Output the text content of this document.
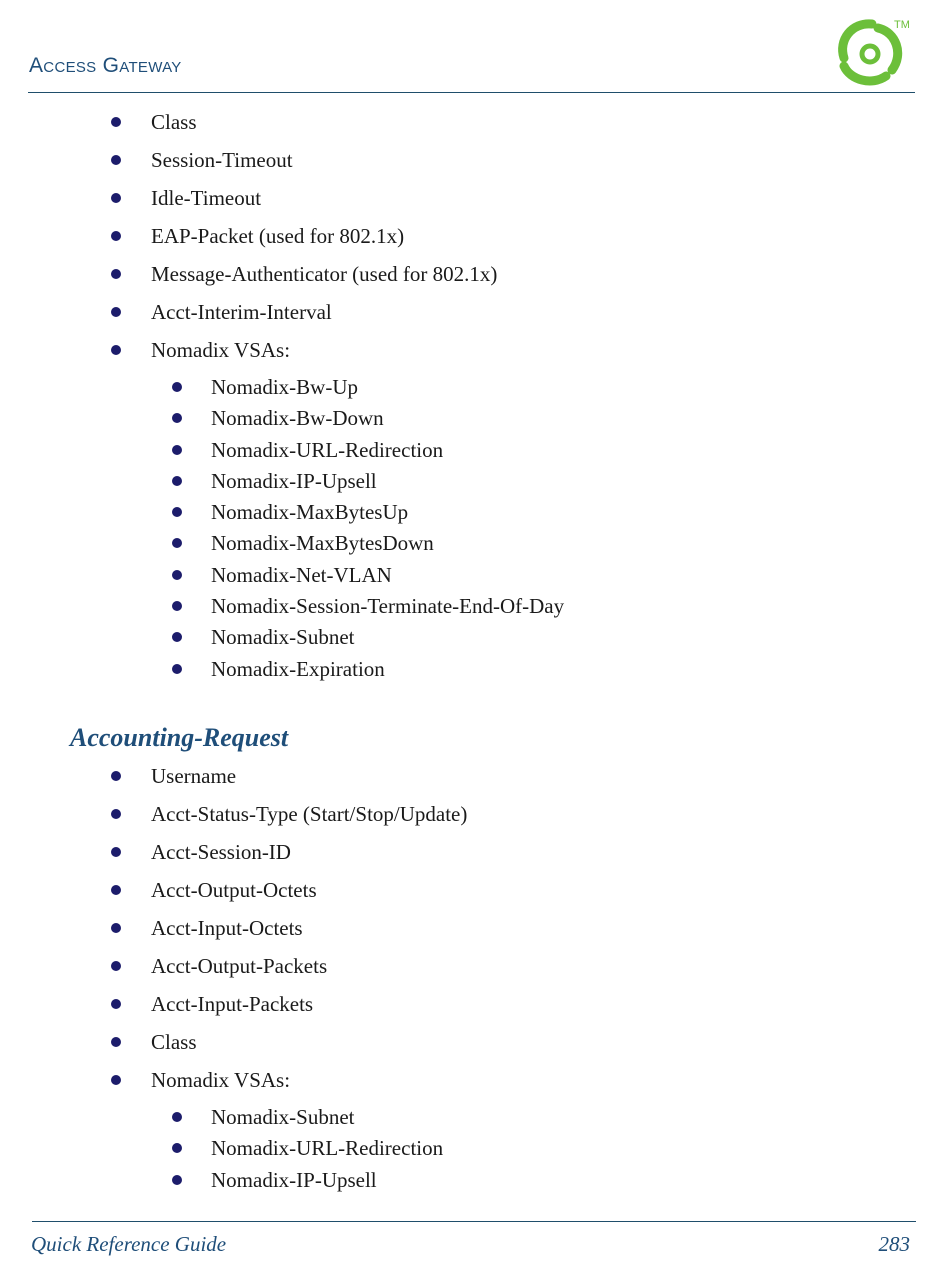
Access Gateway
TM
Class
Session-Timeout
Idle-Timeout
EAP-Packet (used for 802.1x)
Message-Authenticator (used for 802.1x)
Acct-Interim-Interval
Nomadix VSAs:
Nomadix-Bw-Up
Nomadix-Bw-Down
Nomadix-URL-Redirection
Nomadix-IP-Upsell
Nomadix-MaxBytesUp
Nomadix-MaxBytesDown
Nomadix-Net-VLAN
Nomadix-Session-Terminate-End-Of-Day
Nomadix-Subnet
Nomadix-Expiration
Accounting-Request
Username
Acct-Status-Type (Start/Stop/Update)
Acct-Session-ID
Acct-Output-Octets
Acct-Input-Octets
Acct-Output-Packets
Acct-Input-Packets
Class
Nomadix VSAs:
Nomadix-Subnet
Nomadix-URL-Redirection
Nomadix-IP-Upsell
Quick Reference Guide	283
